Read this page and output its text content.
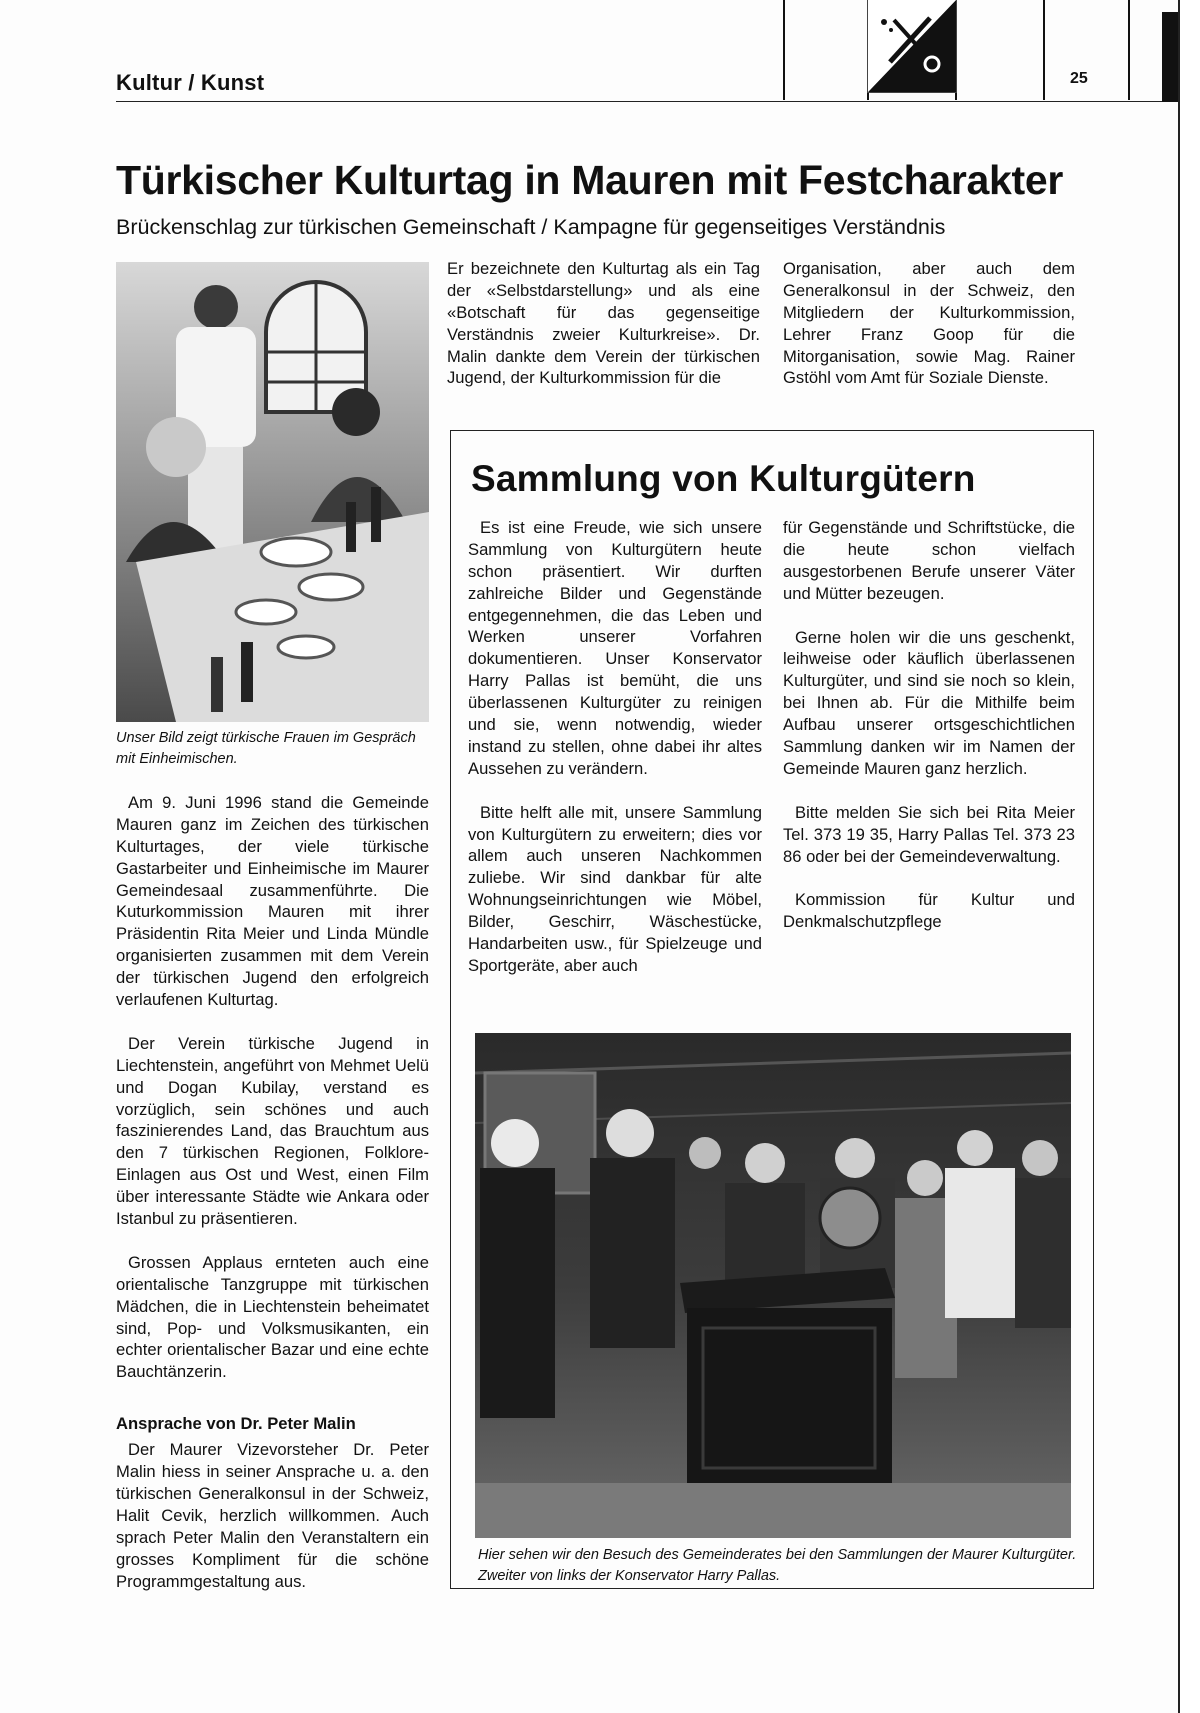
Kultur / Kunst	25
Türkischer Kulturtag in Mauren mit Festcharakter
Brückenschlag zur türkischen Gemeinschaft / Kampagne für gegenseitiges Verständnis
Unser Bild zeigt türkische Frauen im Gespräch mit Einheimischen.

Am 9. Juni 1996 stand die Gemeinde Mauren ganz im Zeichen des türkischen Kulturtages, der viele türkische Gastarbeiter und Einheimische im Maurer Gemeindesaal zusammenführte. Die Kuturkommission Mauren mit ihrer Präsidentin Rita Meier und Linda Mündle organisierten zusammen mit dem Verein der türkischen Jugend den erfolgreich verlaufenen Kulturtag.

Der Verein türkische Jugend in Liechtenstein, angeführt von Mehmet Uelü und Dogan Kubilay, verstand es vorzüglich, sein schönes und auch faszinierendes Land, das Brauchtum aus den 7 türkischen Regionen, Folklore-Einlagen aus Ost und West, einen Film über interessante Städte wie Ankara oder Istanbul zu präsentieren.

Grossen Applaus ernteten auch eine orientalische Tanzgruppe mit türkischen Mädchen, die in Liechtenstein beheimatet sind, Pop- und Volksmusikanten, ein echter orientalischer Bazar und eine echte Bauchtänzerin.

Ansprache von Dr. Peter Malin

Der Maurer Vizevorsteher Dr. Peter Malin hiess in seiner Ansprache u. a. den türkischen Generalkonsul in der Schweiz, Halit Cevik, herzlich willkommen. Auch sprach Peter Malin den Veranstaltern ein grosses Kompliment für die schöne Programmgestaltung aus.

Er bezeichnete den Kulturtag als ein Tag der «Selbstdarstellung» und als eine «Botschaft für das gegenseitige Verständnis zweier Kulturkreise». Dr. Malin dankte dem Verein der türkischen Jugend, der Kulturkommission für die

Organisation, aber auch dem Generalkonsul in der Schweiz, den Mitgliedern der Kulturkommission, Lehrer Franz Goop für die Mitorganisation, sowie Mag. Rainer Gstöhl vom Amt für Soziale Dienste.

Sammlung von Kulturgütern

Es ist eine Freude, wie sich unsere Sammlung von Kulturgütern heute schon präsentiert. Wir durften zahlreiche Bilder und Gegenstände entgegennehmen, die das Leben und Werken unserer Vorfahren dokumentieren. Unser Konservator Harry Pallas ist bemüht, die uns überlassenen Kulturgüter zu reinigen und sie, wenn notwendig, wieder instand zu stellen, ohne dabei ihr altes Aussehen zu verändern.

Bitte helft alle mit, unsere Sammlung von Kulturgütern zu erweitern; dies vor allem auch unseren Nachkommen zuliebe. Wir sind dankbar für alte Wohnungseinrichtungen wie Möbel, Bilder, Geschirr, Wäschestücke, Handarbeiten usw., für Spielzeuge und Sportgeräte, aber auch

für Gegenstände und Schriftstücke, die die heute schon vielfach ausgestorbenen Berufe unserer Väter und Mütter bezeugen.

Gerne holen wir die uns geschenkt, leihweise oder käuflich überlassenen Kulturgüter, und sind sie noch so klein, bei Ihnen ab. Für die Mithilfe beim Aufbau unserer ortsgeschichtlichen Sammlung danken wir im Namen der Gemeinde Mauren ganz herzlich.

Bitte melden Sie sich bei Rita Meier Tel. 373 19 35, Harry Pallas Tel. 373 23 86 oder bei der Gemeindeverwaltung.

Kommission für Kultur und Denkmalschutzpflege

Hier sehen wir den Besuch des Gemeinderates bei den Sammlungen der Maurer Kulturgüter. Zweiter von links der Konservator Harry Pallas.
